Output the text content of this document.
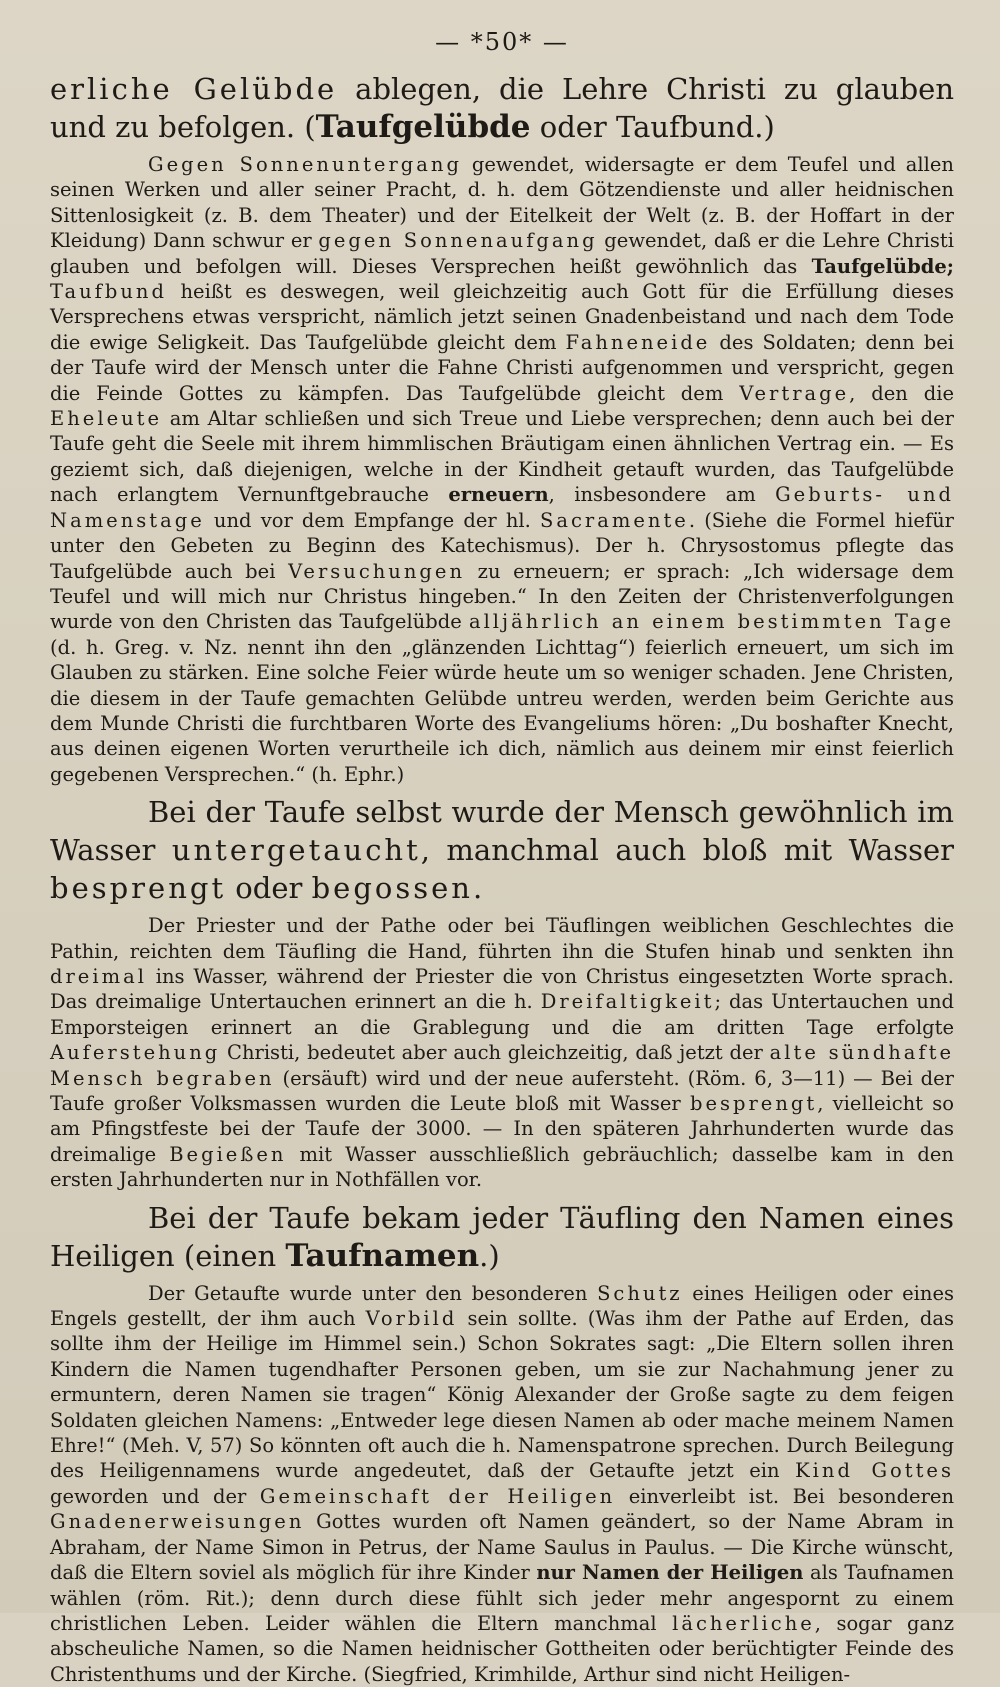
— *50* —

erliche Gelübde ablegen, die Lehre Christi zu glauben und zu befolgen. (Taufgelübde oder Taufbund.)

Gegen Sonnenuntergang gewendet, widersagte er dem Teufel und allen seinen Werken und aller seiner Pracht, d. h. dem Götzendienste und aller heidnischen Sittenlosigkeit (z. B. dem Theater) und der Eitelkeit der Welt (z. B. der Hoffart in der Kleidung) Dann schwur er gegen Sonnenaufgang gewendet, daß er die Lehre Christi glauben und befolgen will. Dieses Versprechen heißt gewöhnlich das Taufgelübde; Taufbund heißt es deswegen, weil gleichzeitig auch Gott für die Erfüllung dieses Versprechens etwas verspricht, nämlich jetzt seinen Gnadenbeistand und nach dem Tode die ewige Seligkeit. Das Taufgelübde gleicht dem Fahneneide des Soldaten; denn bei der Taufe wird der Mensch unter die Fahne Christi aufgenommen und verspricht, gegen die Feinde Gottes zu kämpfen. Das Taufgelübde gleicht dem Vertrage, den die Eheleute am Altar schließen und sich Treue und Liebe versprechen; denn auch bei der Taufe geht die Seele mit ihrem himmlischen Bräutigam einen ähnlichen Vertrag ein. — Es geziemt sich, daß diejenigen, welche in der Kindheit getauft wurden, das Taufgelübde nach erlangtem Vernunftgebrauche erneuern, insbesondere am Geburts- und Namenstage und vor dem Empfange der hl. Sacramente. (Siehe die Formel hiefür unter den Gebeten zu Beginn des Katechismus). Der h. Chrysostomus pflegte das Taufgelübde auch bei Versuchungen zu erneuern; er sprach: „Ich widersage dem Teufel und will mich nur Christus hingeben.“ In den Zeiten der Christenverfolgungen wurde von den Christen das Taufgelübde alljährlich an einem bestimmten Tage (d. h. Greg. v. Nz. nennt ihn den „glänzenden Lichttag“) feierlich erneuert, um sich im Glauben zu stärken. Eine solche Feier würde heute um so weniger schaden. Jene Christen, die diesem in der Taufe gemachten Gelübde untreu werden, werden beim Gerichte aus dem Munde Christi die furchtbaren Worte des Evangeliums hören: „Du boshafter Knecht, aus deinen eigenen Worten verurtheile ich dich, nämlich aus deinem mir einst feierlich gegebenen Versprechen.“ (h. Ephr.)

Bei der Taufe selbst wurde der Mensch gewöhnlich im Wasser untergetaucht, manchmal auch bloß mit Wasser besprengt oder begossen.

Der Priester und der Pathe oder bei Täuflingen weiblichen Geschlechtes die Pathin, reichten dem Täufling die Hand, führten ihn die Stufen hinab und senkten ihn dreimal ins Wasser, während der Priester die von Christus eingesetzten Worte sprach. Das dreimalige Untertauchen erinnert an die h. Dreifaltigkeit; das Untertauchen und Emporsteigen erinnert an die Grablegung und die am dritten Tage erfolgte Auferstehung Christi, bedeutet aber auch gleichzeitig, daß jetzt der alte sündhafte Mensch begraben (ersäuft) wird und der neue aufersteht. (Röm. 6, 3—11) — Bei der Taufe großer Volksmassen wurden die Leute bloß mit Wasser besprengt, vielleicht so am Pfingstfeste bei der Taufe der 3000. — In den späteren Jahrhunderten wurde das dreimalige Begießen mit Wasser ausschließlich gebräuchlich; dasselbe kam in den ersten Jahrhunderten nur in Nothfällen vor.

Bei der Taufe bekam jeder Täufling den Namen eines Heiligen (einen Taufnamen.)

Der Getaufte wurde unter den besonderen Schutz eines Heiligen oder eines Engels gestellt, der ihm auch Vorbild sein sollte. (Was ihm der Pathe auf Erden, das sollte ihm der Heilige im Himmel sein.) Schon Sokrates sagt: „Die Eltern sollen ihren Kindern die Namen tugendhafter Personen geben, um sie zur Nachahmung jener zu ermuntern, deren Namen sie tragen“ König Alexander der Große sagte zu dem feigen Soldaten gleichen Namens: „Entweder lege diesen Namen ab oder mache meinem Namen Ehre!“ (Meh. V, 57) So könnten oft auch die h. Namenspatrone sprechen. Durch Beilegung des Heiligennamens wurde angedeutet, daß der Getaufte jetzt ein Kind Gottes geworden und der Gemeinschaft der Heiligen einverleibt ist. Bei besonderen Gnadenerweisungen Gottes wurden oft Namen geändert, so der Name Abram in Abraham, der Name Simon in Petrus, der Name Saulus in Paulus. — Die Kirche wünscht, daß die Eltern soviel als möglich für ihre Kinder nur Namen der Heiligen als Taufnamen wählen (röm. Rit.); denn durch diese fühlt sich jeder mehr angespornt zu einem christlichen Leben. Leider wählen die Eltern manchmal lächerliche, sogar ganz abscheuliche Namen, so die Namen heidnischer Gottheiten oder berüchtigter Feinde des Christenthums und der Kirche. (Siegfried, Krimhilde, Arthur sind nicht Heiligen-
